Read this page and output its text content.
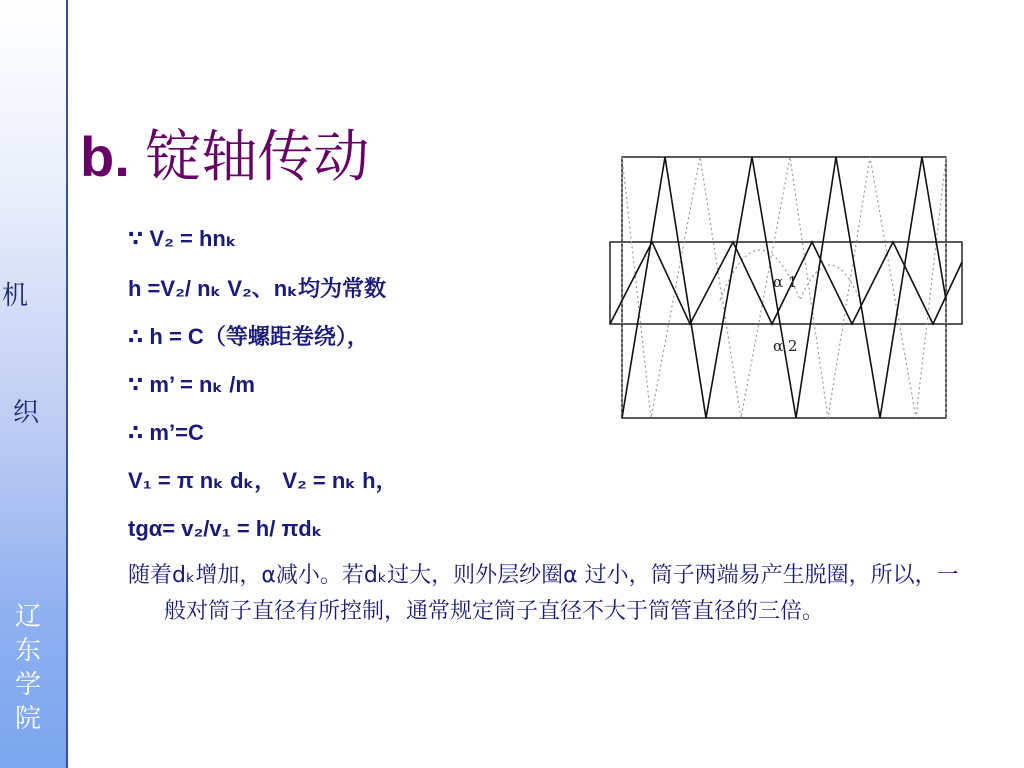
机
织
辽
东
学
院
b. 锭轴传动
∵ V₂ = hnₖ
h =V₂/ nₖ V₂、nₖ均为常数
∴ h = C（等螺距卷绕），
∵ m’ = nₖ /m
∴ m’=C
V₁ = π nₖ dₖ， V₂ = nₖ h，
tgα= v₂/v₁ = h/ πdₖ
随着dₖ增加，α减小。若dₖ过大，则外层纱圈α 过小，筒子两端易产生脱圈，所以，一般对筒子直径有所控制，通常规定筒子直径不大于筒管直径的三倍。
α 1
α 2
